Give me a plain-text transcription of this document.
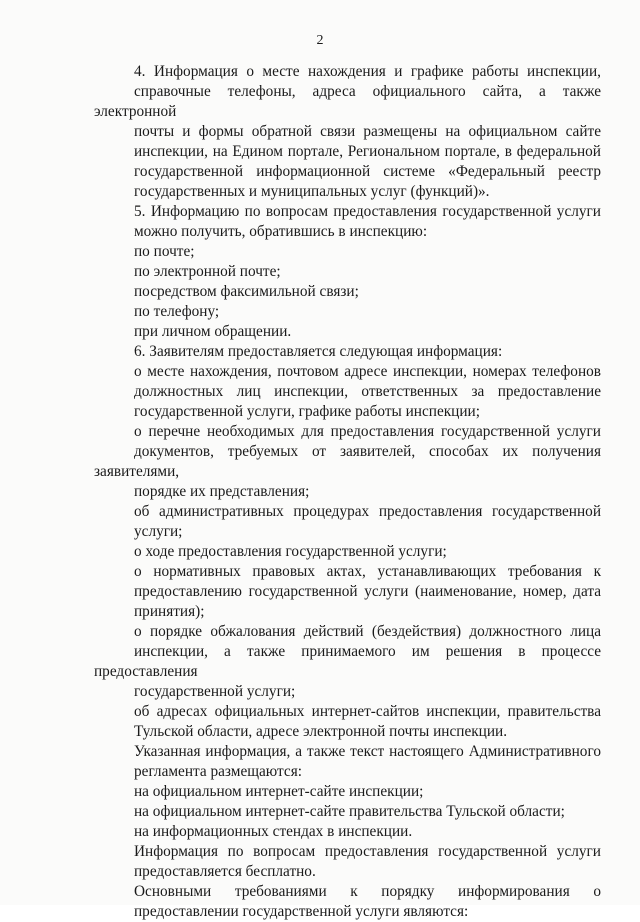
2
4. Информация о месте нахождения и графике работы инспекции,
справочные телефоны, адреса официального сайта, а также электронной
почты и формы обратной связи размещены на официальном сайте
инспекции, на Едином портале, Региональном портале, в федеральной
государственной информационной системе «Федеральный реестр
государственных и муниципальных услуг (функций)».
5. Информацию по вопросам предоставления государственной услуги
можно получить, обратившись в инспекцию:
по почте;
по электронной почте;
посредством факсимильной связи;
по телефону;
при личном обращении.
6. Заявителям предоставляется следующая информация:
о месте нахождения, почтовом адресе инспекции, номерах телефонов
должностных лиц инспекции, ответственных за предоставление
государственной услуги, графике работы инспекции;
о перечне необходимых для предоставления государственной услуги
документов, требуемых от заявителей, способах их получения заявителями,
порядке их представления;
об административных процедурах предоставления государственной
услуги;
о ходе предоставления государственной услуги;
о нормативных правовых актах, устанавливающих требования к
предоставлению государственной услуги (наименование, номер, дата
принятия);
о порядке обжалования действий (бездействия) должностного лица
инспекции, а также принимаемого им решения в процессе предоставления
государственной услуги;
об адресах официальных интернет-сайтов инспекции, правительства
Тульской области, адресе электронной почты инспекции.
Указанная информация, а также текст настоящего Административного
регламента размещаются:
на официальном интернет-сайте инспекции;
на официальном интернет-сайте правительства Тульской области;
на информационных стендах в инспекции.
Информация по вопросам предоставления государственной услуги
предоставляется бесплатно.
Основными требованиями к порядку информирования о
предоставлении государственной услуги являются:
